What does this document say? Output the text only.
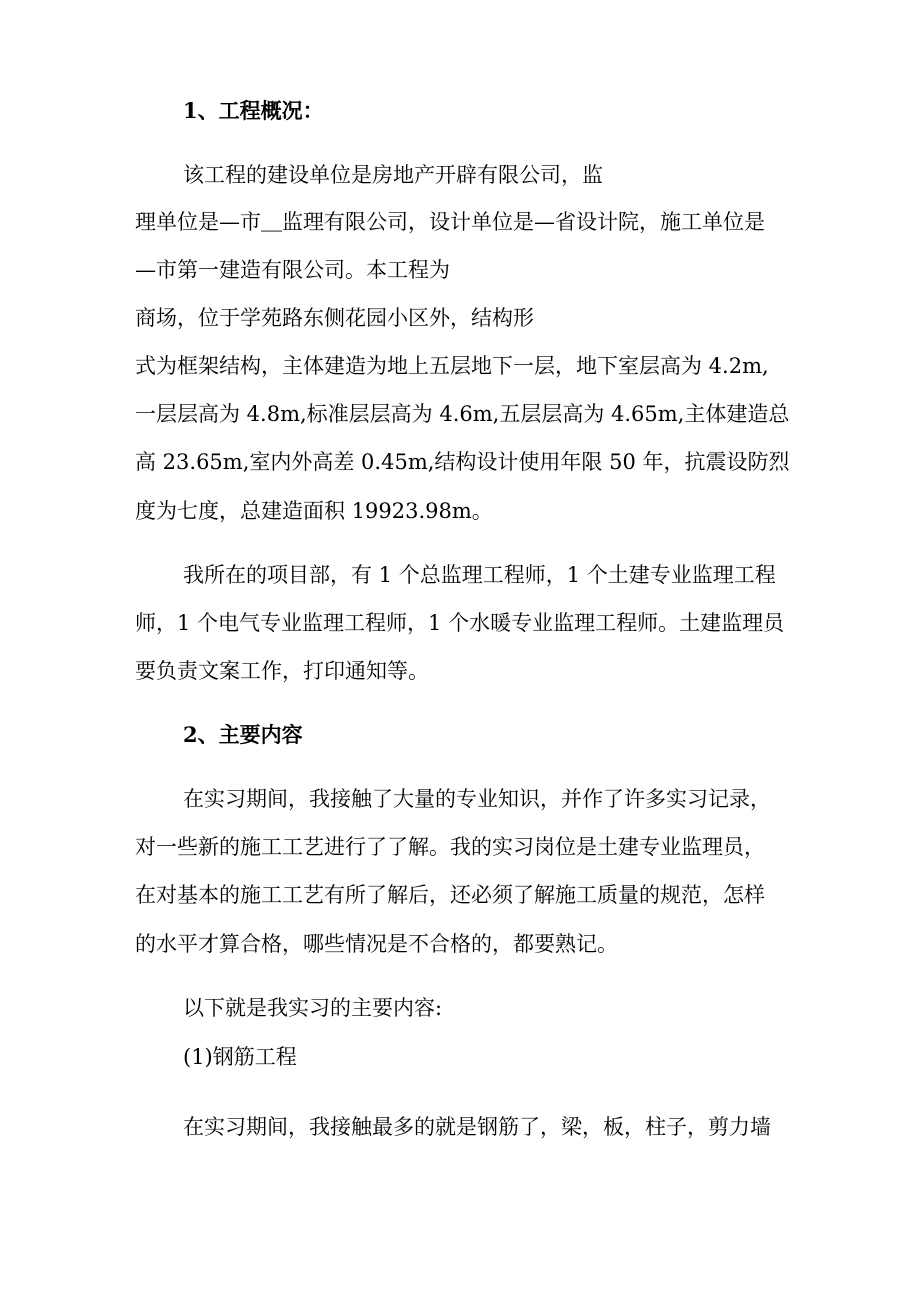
1、工程概况：
该工程的建设单位是房地产开辟有限公司，监
理单位是—市＿监理有限公司，设计单位是—省设计院，施工单位是
—市第一建造有限公司。本工程为
商场，位于学苑路东侧花园小区外，结构形
式为框架结构，主体建造为地上五层地下一层，地下室层高为 4.2m,
一层层高为 4.8m,标准层层高为 4.6m,五层层高为 4.65m,主体建造总
高 23.65m,室内外高差 0.45m,结构设计使用年限 50 年，抗震设防烈
度为七度，总建造面积 19923.98m。
我所在的项目部，有 1 个总监理工程师，1 个土建专业监理工程
师，1 个电气专业监理工程师，1 个水暖专业监理工程师。土建监理员
要负责文案工作，打印通知等。
2、主要内容
在实习期间，我接触了大量的专业知识，并作了许多实习记录，
对一些新的施工工艺进行了了解。我的实习岗位是土建专业监理员，
在对基本的施工工艺有所了解后，还必须了解施工质量的规范，怎样
的水平才算合格，哪些情况是不合格的，都要熟记。
以下就是我实习的主要内容:
(1)钢筋工程
在实习期间，我接触最多的就是钢筋了，梁，板，柱子，剪力墙
